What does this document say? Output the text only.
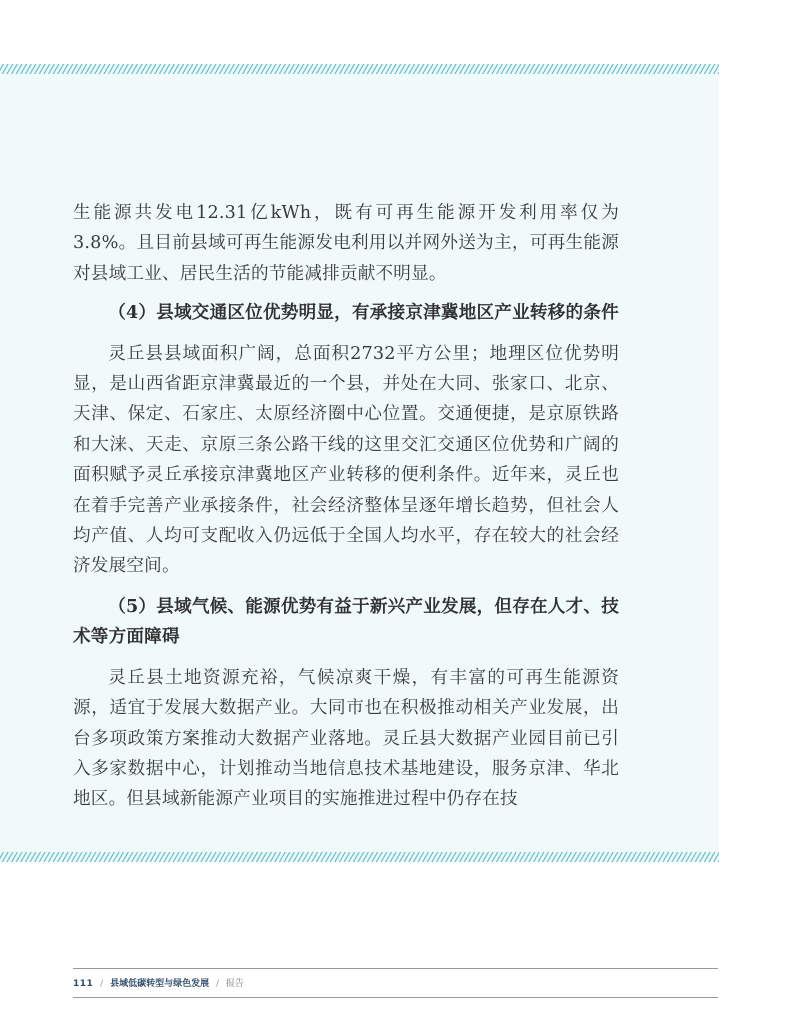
生能源共发电12.31亿kWh，既有可再生能源开发利用率仅为3.8%。且目前县域可再生能源发电利用以并网外送为主，可再生能源对县域工业、居民生活的节能减排贡献不明显。

（4）县域交通区位优势明显，有承接京津冀地区产业转移的条件

灵丘县县域面积广阔，总面积2732平方公里；地理区位优势明显，是山西省距京津冀最近的一个县，并处在大同、张家口、北京、天津、保定、石家庄、太原经济圈中心位置。交通便捷，是京原铁路和大涞、天走、京原三条公路干线的这里交汇交通区位优势和广阔的面积赋予灵丘承接京津冀地区产业转移的便利条件。近年来，灵丘也在着手完善产业承接条件，社会经济整体呈逐年增长趋势，但社会人均产值、人均可支配收入仍远低于全国人均水平，存在较大的社会经济发展空间。

（5）县域气候、能源优势有益于新兴产业发展，但存在人才、技术等方面障碍

灵丘县土地资源充裕，气候凉爽干燥，有丰富的可再生能源资源，适宜于发展大数据产业。大同市也在积极推动相关产业发展，出台多项政策方案推动大数据产业落地。灵丘县大数据产业园目前已引入多家数据中心，计划推动当地信息技术基地建设，服务京津、华北地区。但县域新能源产业项目的实施推进过程中仍存在技

111 / 县域低碳转型与绿色发展 / 报告
